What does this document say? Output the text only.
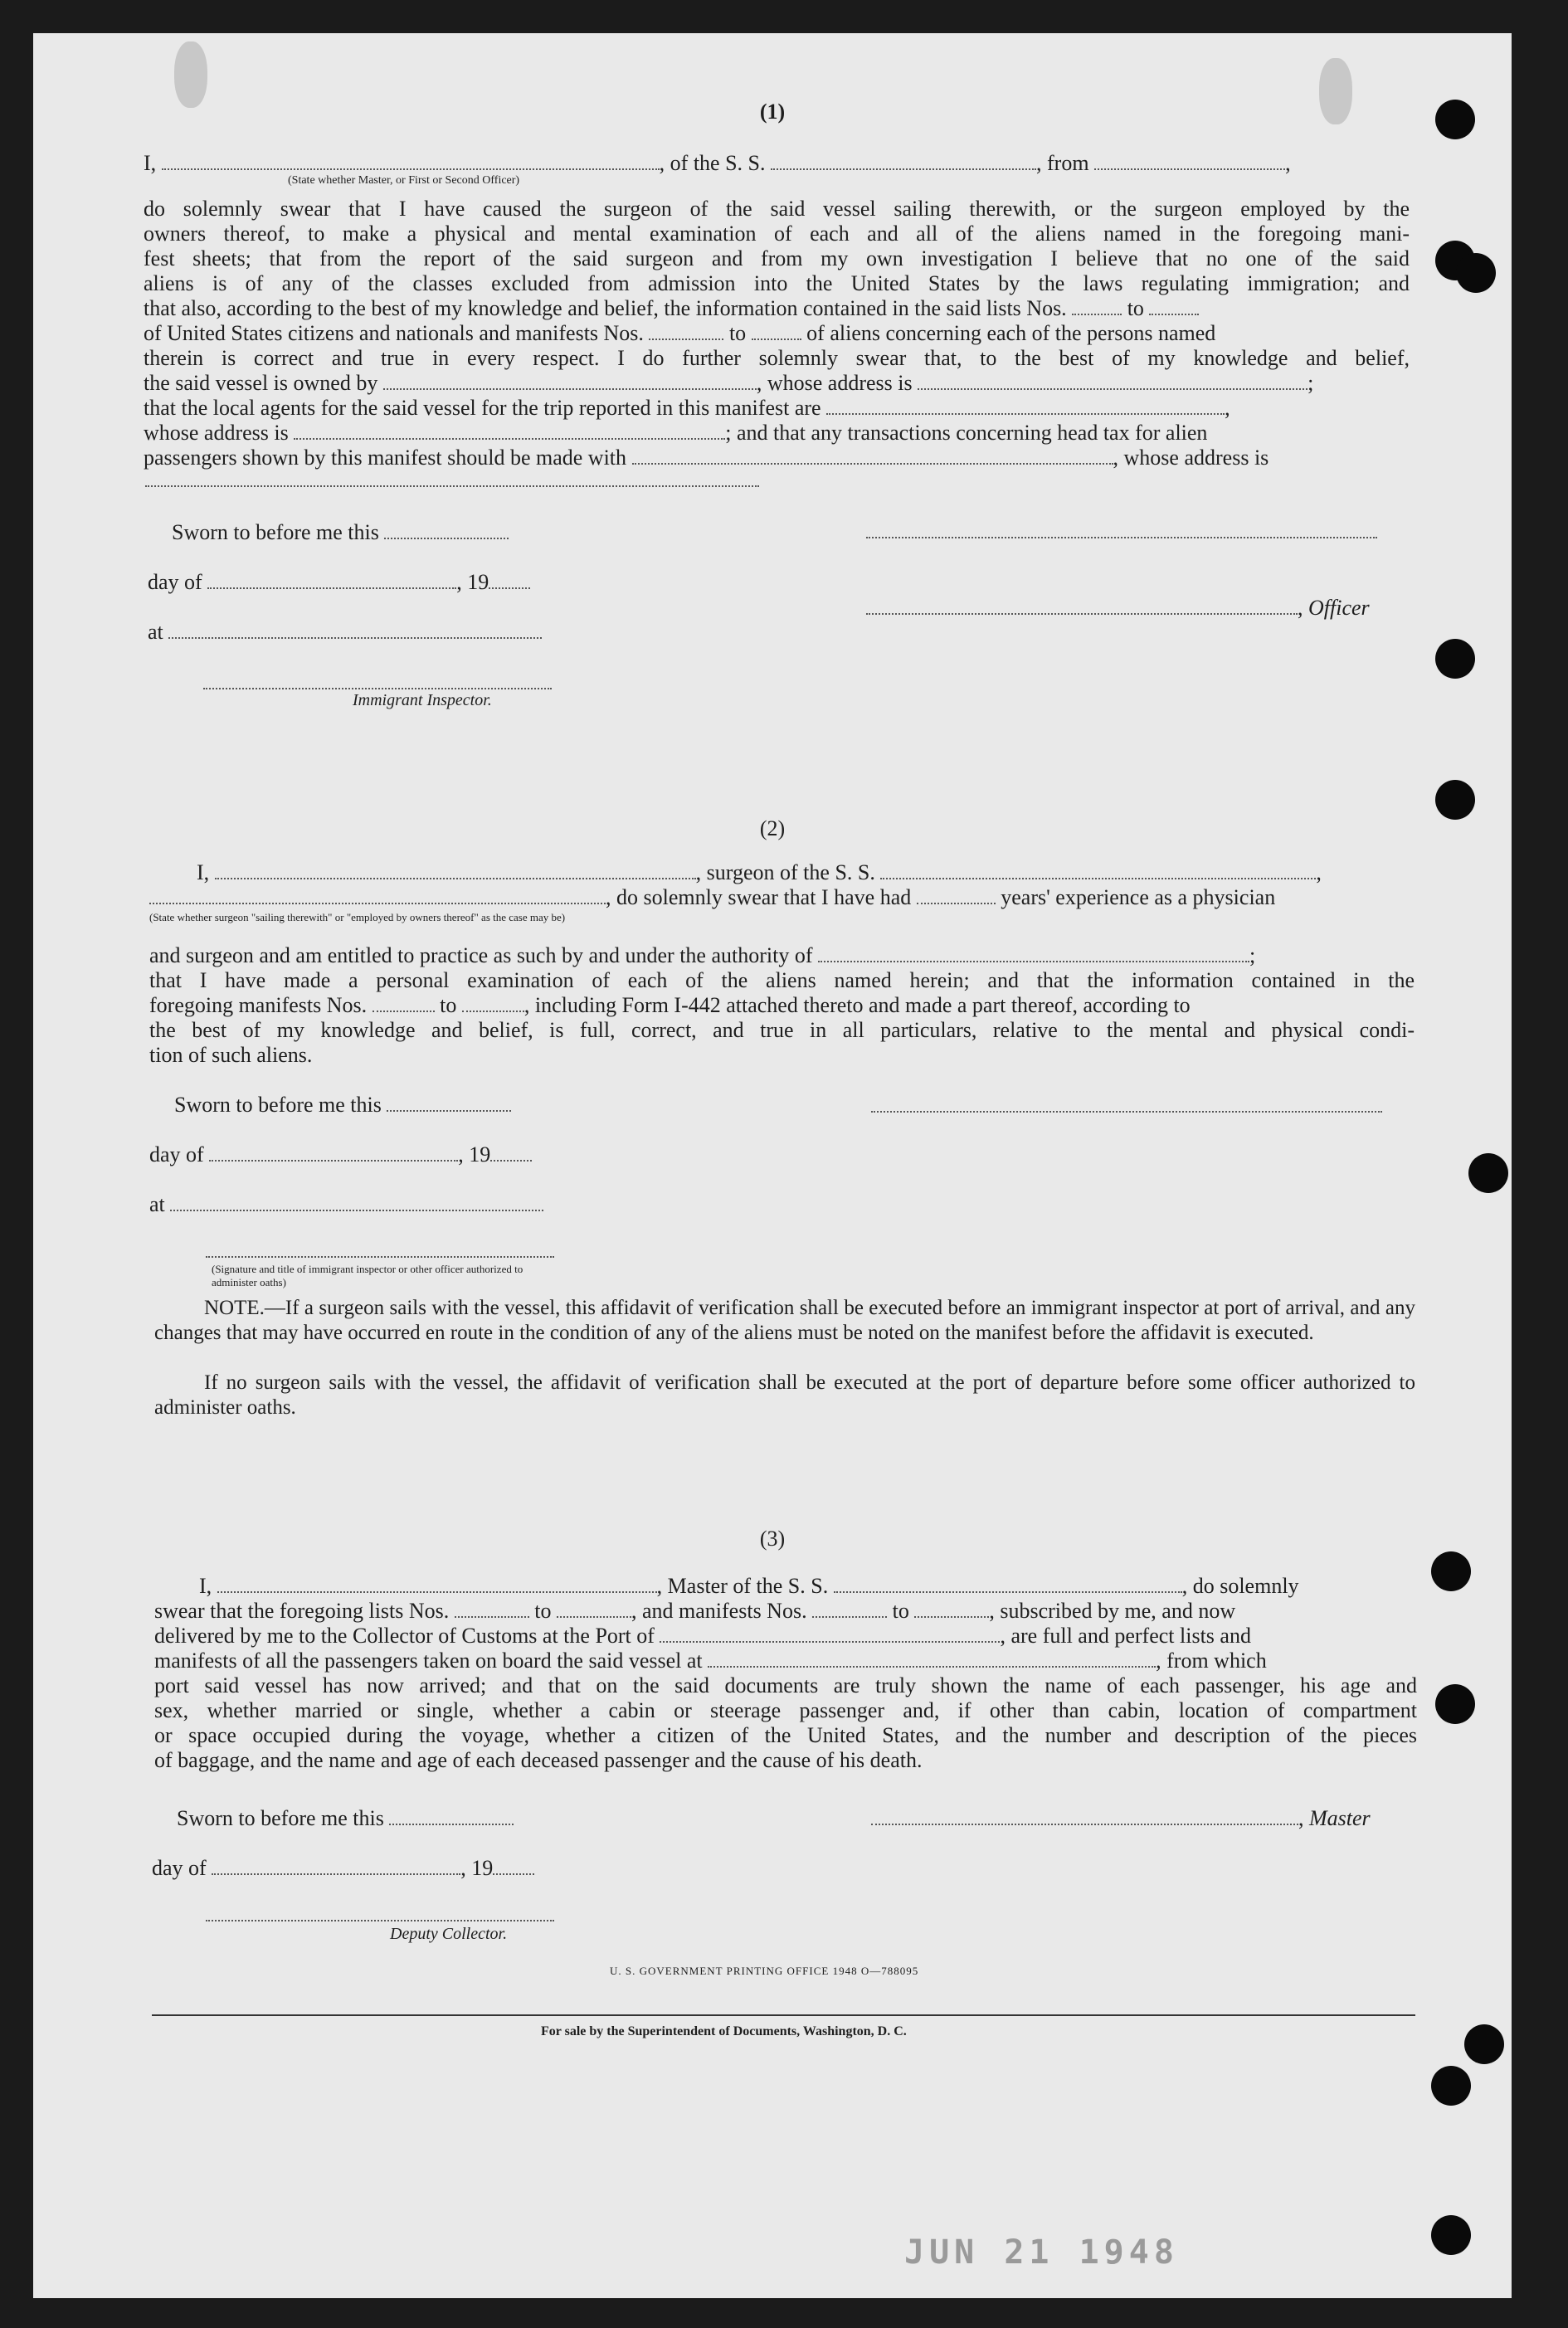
(1)
I,	, of the S. S.	, from	,
(State whether Master, or First or Second Officer)
do solemnly swear that I have caused the surgeon of the said vessel sailing therewith, or the surgeon employed by the
owners thereof, to make a physical and mental examination of each and all of the aliens named in the foregoing mani-
fest sheets; that from the report of the said surgeon and from my own investigation I believe that no one of the said
aliens is of any of the classes excluded from admission into the United States by the laws regulating immigration; and
that also, according to the best of my knowledge and belief, the information contained in the said lists Nos.  to
of United States citizens and nationals and manifests Nos.	to  of aliens concerning each of the persons named
therein is correct and true in every respect. I do further solemnly swear that, to the best of my knowledge and belief,
the said vessel is owned by	, whose address is	;
that the local agents for the said vessel for the trip reported in this manifest are	,
whose address is	; and that any transactions concerning head tax for alien
passengers shown by this manifest should be made with	, whose address is
Sworn to before me this
day of	, 19
, Officer
at
Immigrant Inspector.
(2)
I,	, surgeon of the S. S.	,
, do solemnly swear that I have had	years' experience as a physician
(State whether surgeon "sailing therewith" or "employed by owners thereof" as the case may be)
and surgeon and am entitled to practice as such by and under the authority of	;
that I have made a personal examination of each of the aliens named herein; and that the information contained in the
foregoing manifests Nos.	to	, including Form I-442 attached thereto and made a part thereof, according to
the best of my knowledge and belief, is full, correct, and true in all particulars, relative to the mental and physical condi-
tion of such aliens.
Sworn to before me this
day of	, 19
at
(Signature and title of immigrant inspector or other officer authorized to administer oaths)
NOTE.—If a surgeon sails with the vessel, this affidavit of verification shall be executed before an immigrant inspector at port of arrival, and any changes that may have occurred en route in the condition of any of the aliens must be noted on the manifest before the affidavit is executed.
If no surgeon sails with the vessel, the affidavit of verification shall be executed at the port of departure before some officer authorized to administer oaths.
(3)
I,	, Master of the S. S.	, do solemnly
swear that the foregoing lists Nos.	to	, and manifests Nos.	to	, subscribed by me, and now
delivered by me to the Collector of Customs at the Port of	, are full and perfect lists and
manifests of all the passengers taken on board the said vessel at	, from which
port said vessel has now arrived; and that on the said documents are truly shown the name of each passenger, his age and
sex, whether married or single, whether a cabin or steerage passenger and, if other than cabin, location of compartment
or space occupied during the voyage, whether a citizen of the United States, and the number and description of the pieces
of baggage, and the name and age of each deceased passenger and the cause of his death.
Sworn to before me this	, Master
day of	, 19
Deputy Collector.
U. S. GOVERNMENT PRINTING OFFICE 1948 O—788095
For sale by the Superintendent of Documents, Washington, D. C.
JUN 21 1948
